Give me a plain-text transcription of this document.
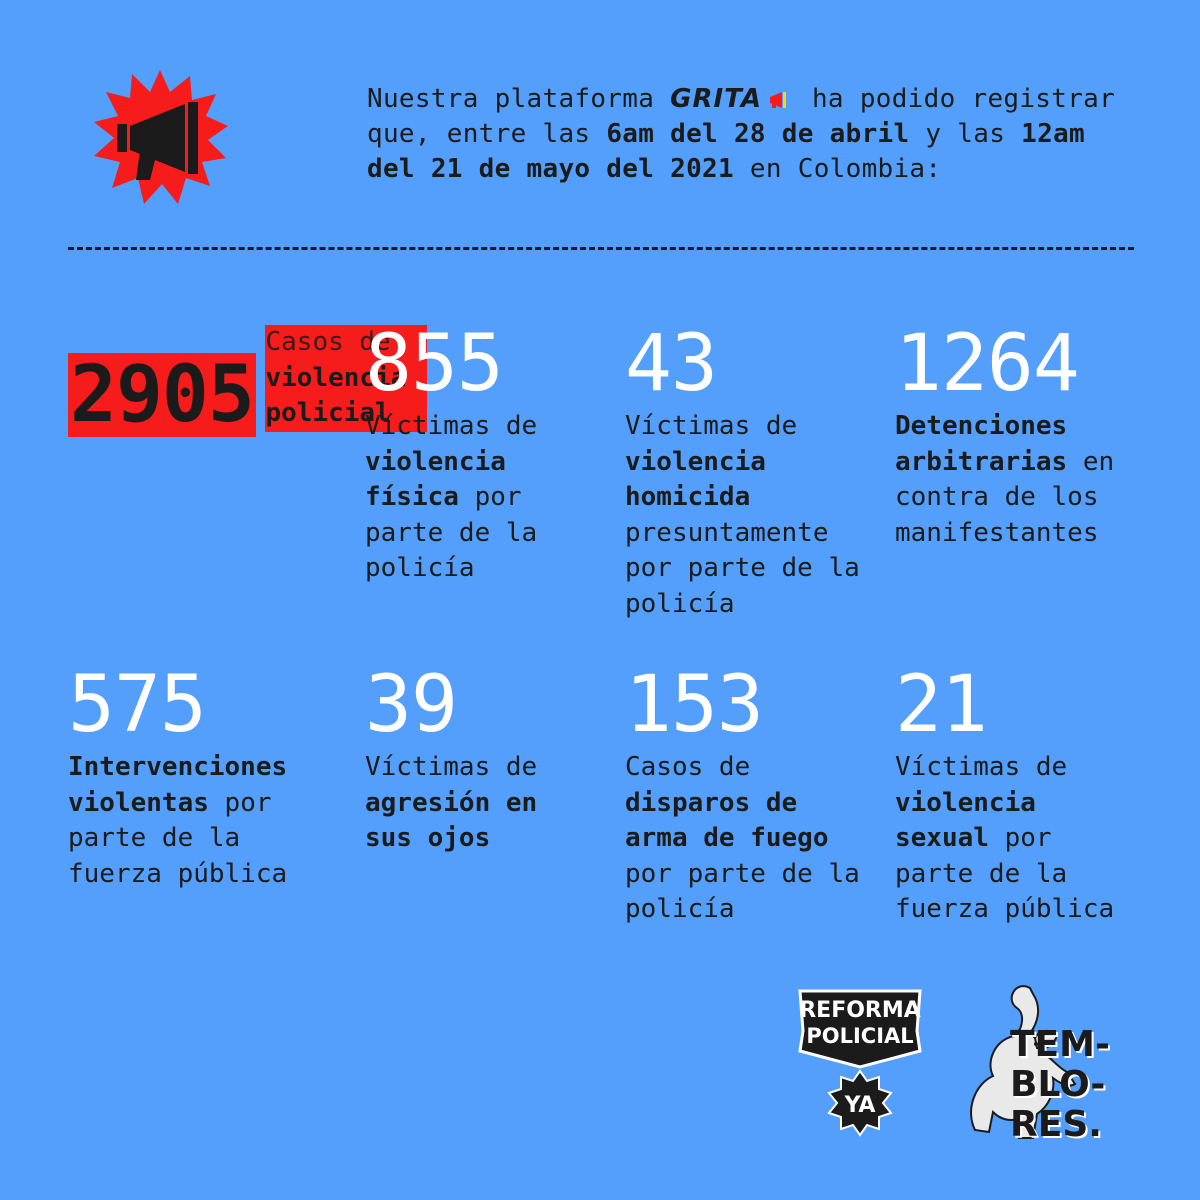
Nuestra plataforma GRITA ha podido registrar que, entre las 6am del 28 de abril y las 12am del 21 de mayo del 2021 en Colombia:
2905 Casos de
violencia policial
855
Víctimas de violencia física por parte de la policía
43
Víctimas de violencia homicida presuntamente por parte de la policía
1264
Detenciones arbitrarias en contra de los manifestantes
575
Intervenciones violentas por parte de la fuerza pública
39
Víctimas de agresión en sus ojos
153
Casos de disparos de arma de fuego por parte de la policía
21
Víctimas de violencia sexual por parte de la fuerza pública
REFORMA
POLICIAL
YA
TEM-
BLO-
RES.
